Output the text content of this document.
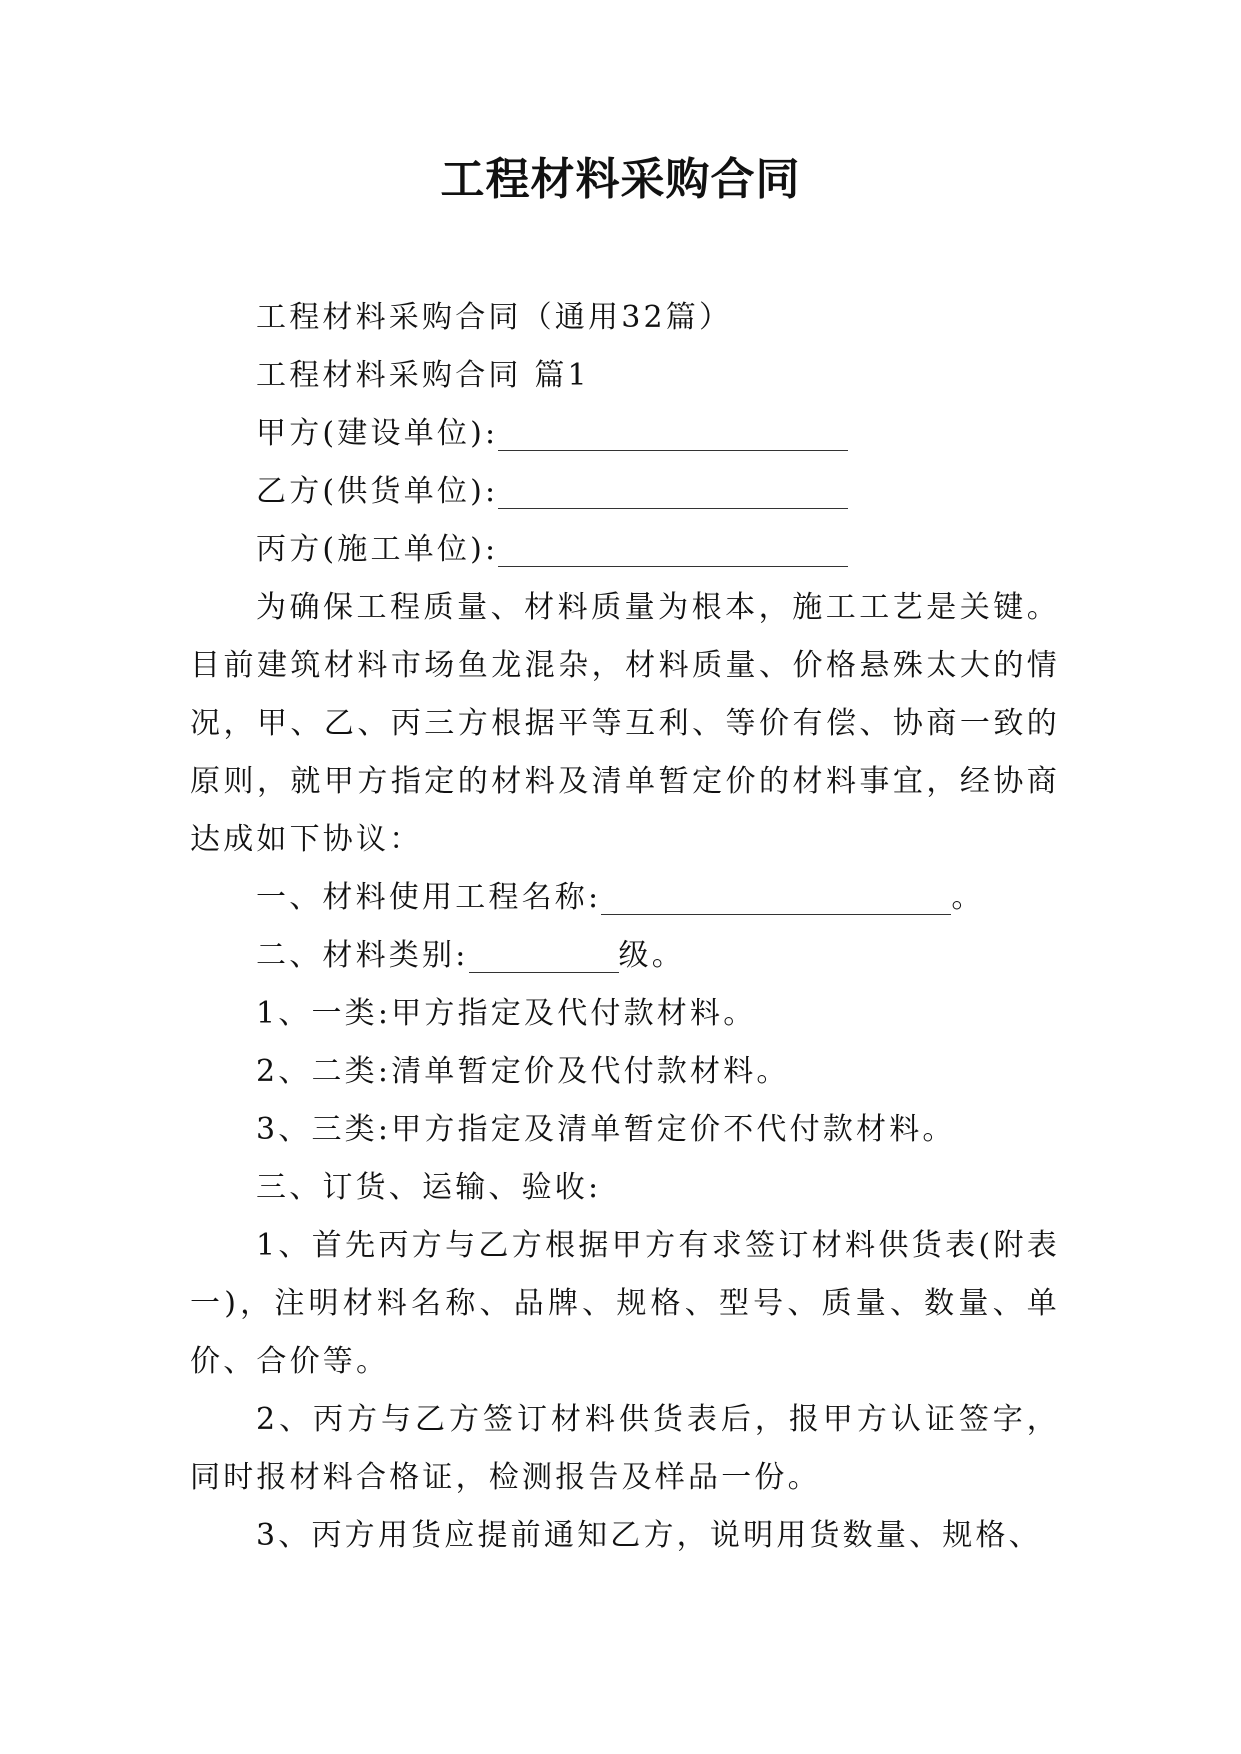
工程材料采购合同

工程材料采购合同（通用32篇）

工程材料采购合同 篇1

甲方(建设单位):

乙方(供货单位):

丙方(施工单位):

为确保工程质量、材料质量为根本，施工工艺是关键。目前建筑材料市场鱼龙混杂，材料质量、价格悬殊太大的情况，甲、乙、丙三方根据平等互利、等价有偿、协商一致的原则，就甲方指定的材料及清单暂定价的材料事宜，经协商达成如下协议：

一、材料使用工程名称:	。

二、材料类别:	级。

1、一类:甲方指定及代付款材料。

2、二类:清单暂定价及代付款材料。

3、三类:甲方指定及清单暂定价不代付款材料。

三、订货、运输、验收:

1、首先丙方与乙方根据甲方有求签订材料供货表(附表一)，注明材料名称、品牌、规格、型号、质量、数量、单价、合价等。

2、丙方与乙方签订材料供货表后，报甲方认证签字，同时报材料合格证，检测报告及样品一份。

3、丙方用货应提前通知乙方，说明用货数量、规格、
